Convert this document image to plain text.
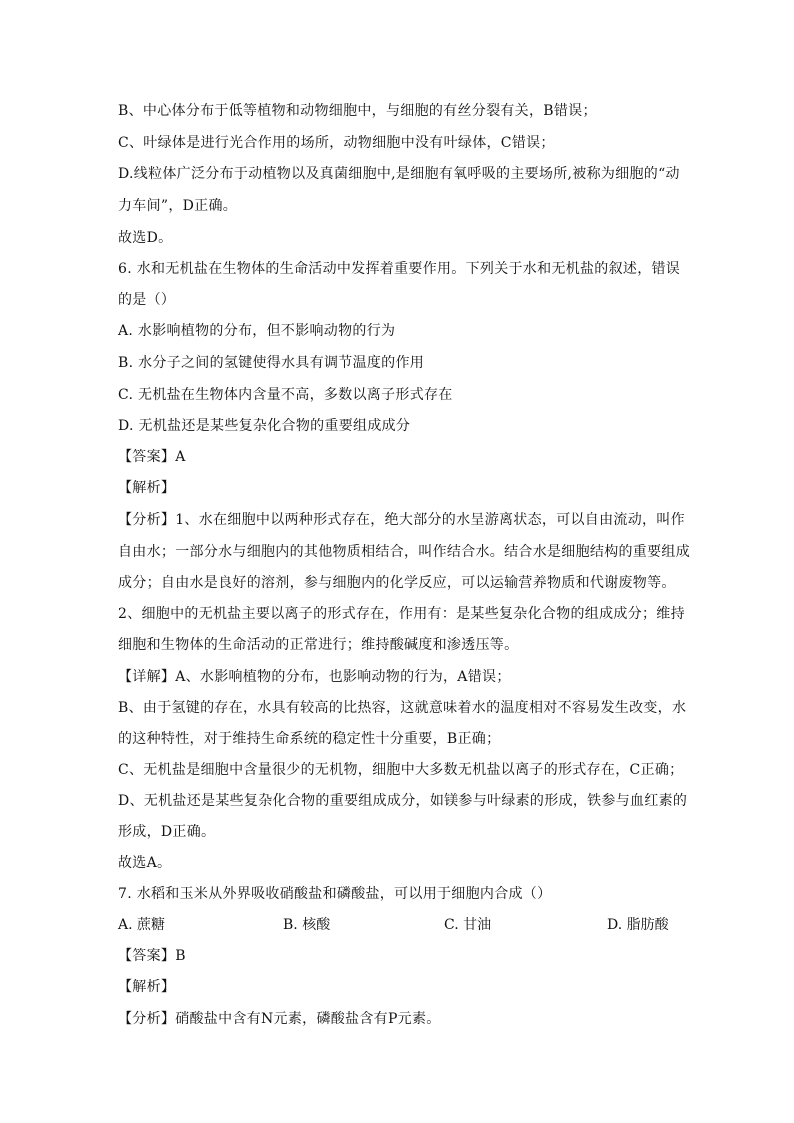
B、中心体分布于低等植物和动物细胞中，与细胞的有丝分裂有关，B错误；
C、叶绿体是进行光合作用的场所，动物细胞中没有叶绿体，C错误；
D.线粒体广泛分布于动植物以及真菌细胞中,是细胞有氧呼吸的主要场所,被称为细胞的“动
力车间”，D正确。
故选D。
6. 水和无机盐在生物体的生命活动中发挥着重要作用。下列关于水和无机盐的叙述，错误
的是（）
A. 水影响植物的分布，但不影响动物的行为
B. 水分子之间的氢键使得水具有调节温度的作用
C. 无机盐在生物体内含量不高，多数以离子形式存在
D. 无机盐还是某些复杂化合物的重要组成成分
【答案】A
【解析】
【分析】1、水在细胞中以两种形式存在，绝大部分的水呈游离状态，可以自由流动，叫作
自由水；一部分水与细胞内的其他物质相结合，叫作结合水。结合水是细胞结构的重要组成
成分；自由水是良好的溶剂，参与细胞内的化学反应，可以运输营养物质和代谢废物等。
2、细胞中的无机盐主要以离子的形式存在，作用有：是某些复杂化合物的组成成分；维持
细胞和生物体的生命活动的正常进行；维持酸碱度和渗透压等。
【详解】A、水影响植物的分布，也影响动物的行为，A错误；
B、由于氢键的存在，水具有较高的比热容，这就意味着水的温度相对不容易发生改变，水
的这种特性，对于维持生命系统的稳定性十分重要，B正确；
C、无机盐是细胞中含量很少的无机物，细胞中大多数无机盐以离子的形式存在，C正确；
D、无机盐还是某些复杂化合物的重要组成成分，如镁参与叶绿素的形成，铁参与血红素的
形成，D正确。
故选A。
7. 水稻和玉米从外界吸收硝酸盐和磷酸盐，可以用于细胞内合成（）
A. 蔗糖	B. 核酸	C. 甘油	D. 脂肪酸
【答案】B
【解析】
【分析】硝酸盐中含有N元素，磷酸盐含有P元素。
